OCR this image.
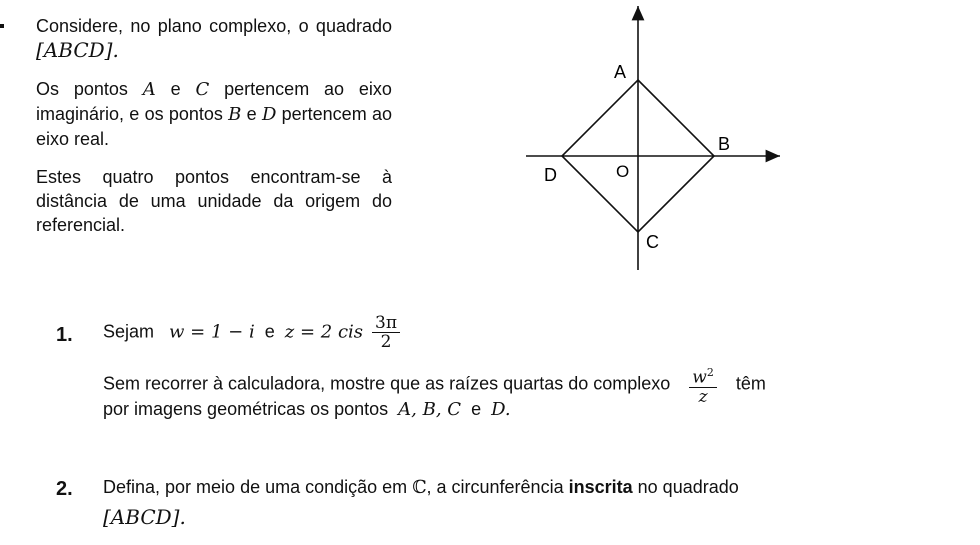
Considere, no plano complexo, o quadrado [ABCD].

Os pontos A e C pertencem ao eixo imaginário, e os pontos B e D pertencem ao eixo real.

Estes quatro pontos encontram-se à distância de uma unidade da origem do referencial.

A
B
C
D	O
1. Sejam w = 1 − i e z = 2 cis $\frac{3\pi}{2}$
Sem recorrer à calculadora, mostre que as raízes quartas do complexo $\frac{w^2}{z}$ têm
por imagens geométricas os pontos A, B, C e D.
2. Defina, por meio de uma condição em ℂ, a circunferência inscrita no quadrado
[ABCD].
